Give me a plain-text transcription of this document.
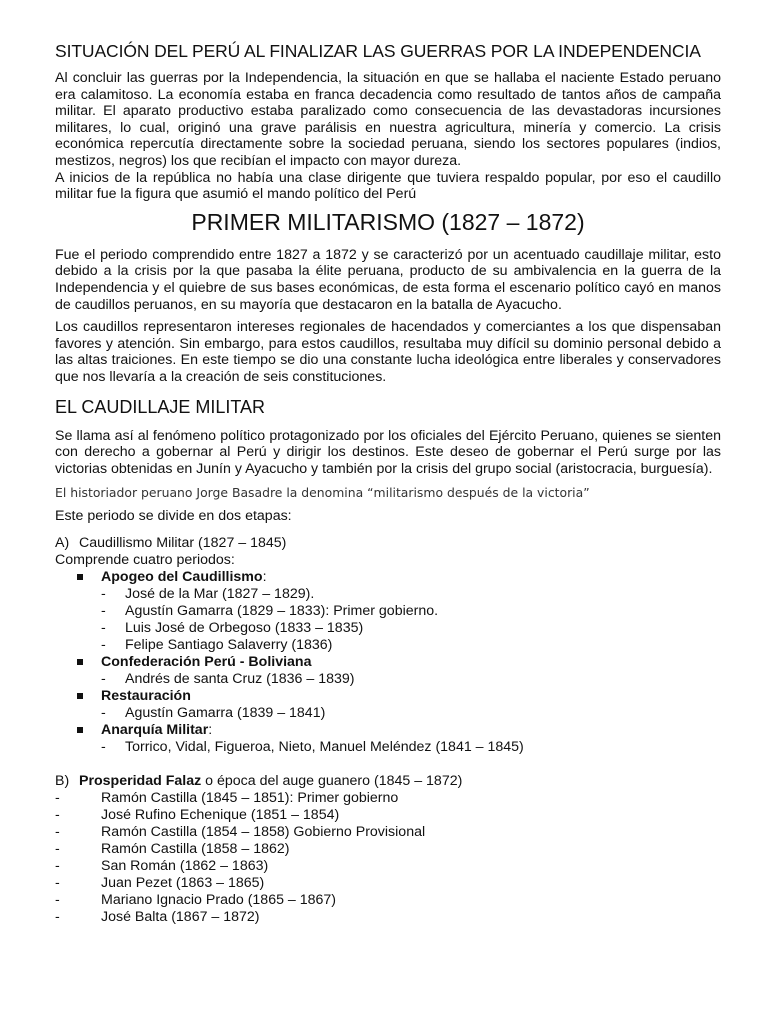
SITUACIÓN DEL PERÚ AL FINALIZAR LAS GUERRAS POR LA INDEPENDENCIA

Al concluir las guerras por la Independencia, la situación en que se hallaba el naciente Estado peruano era calamitoso. La economía estaba en franca decadencia como resultado de tantos años de campaña militar. El aparato productivo estaba paralizado como consecuencia de las devastadoras incursiones militares, lo cual, originó una grave parálisis en nuestra agricultura, minería y comercio. La crisis económica repercutía directamente sobre la sociedad peruana, siendo los sectores populares (indios, mestizos, negros) los que recibían el impacto con mayor dureza.

A inicios de la república no había una clase dirigente que tuviera respaldo popular, por eso el caudillo militar fue la figura que asumió el mando político del Perú

PRIMER MILITARISMO (1827 – 1872)

Fue el periodo comprendido entre 1827 a 1872 y se caracterizó por un acentuado caudillaje militar, esto debido a la crisis por la que pasaba la élite peruana, producto de su ambivalencia en la guerra de la Independencia y el quiebre de sus bases económicas, de esta forma el escenario político cayó en manos de caudillos peruanos, en su mayoría que destacaron en la batalla de Ayacucho.

Los caudillos representaron intereses regionales de hacendados y comerciantes a los que dispensaban favores y atención. Sin embargo, para estos caudillos, resultaba muy difícil su dominio personal debido a las altas traiciones. En este tiempo se dio una constante lucha ideológica entre liberales y conservadores que nos llevaría a la creación de seis constituciones.

EL CAUDILLAJE MILITAR

Se llama así al fenómeno político protagonizado por los oficiales del Ejército Peruano, quienes se sienten con derecho a gobernar al Perú y dirigir los destinos. Este deseo de gobernar el Perú surge por las victorias obtenidas en Junín y Ayacucho y también por la crisis del grupo social (aristocracia, burguesía).

El historiador peruano Jorge Basadre la denomina “militarismo después de la victoria”
Este periodo se divide en dos etapas:
A) Caudillismo Militar (1827 – 1845)
Comprende cuatro periodos:
Apogeo del Caudillismo:
- José de la Mar (1827 – 1829).
- Agustín Gamarra (1829 – 1833): Primer gobierno.
- Luis José de Orbegoso (1833 – 1835)
- Felipe Santiago Salaverry (1836)
Confederación Perú - Boliviana
- Andrés de santa Cruz (1836 – 1839)
Restauración
- Agustín Gamarra (1839 – 1841)
Anarquía Militar:
- Torrico, Vidal, Figueroa, Nieto, Manuel Meléndez (1841 – 1845)
B) Prosperidad Falaz o época del auge guanero (1845 – 1872)
-	Ramón Castilla (1845 – 1851): Primer gobierno
-	José Rufino Echenique (1851 – 1854)
-	Ramón Castilla (1854 – 1858) Gobierno Provisional
-	Ramón Castilla (1858 – 1862)
-	San Román (1862 – 1863)
-	Juan Pezet (1863 – 1865)
-	Mariano Ignacio Prado (1865 – 1867)
-	José Balta (1867 – 1872)
